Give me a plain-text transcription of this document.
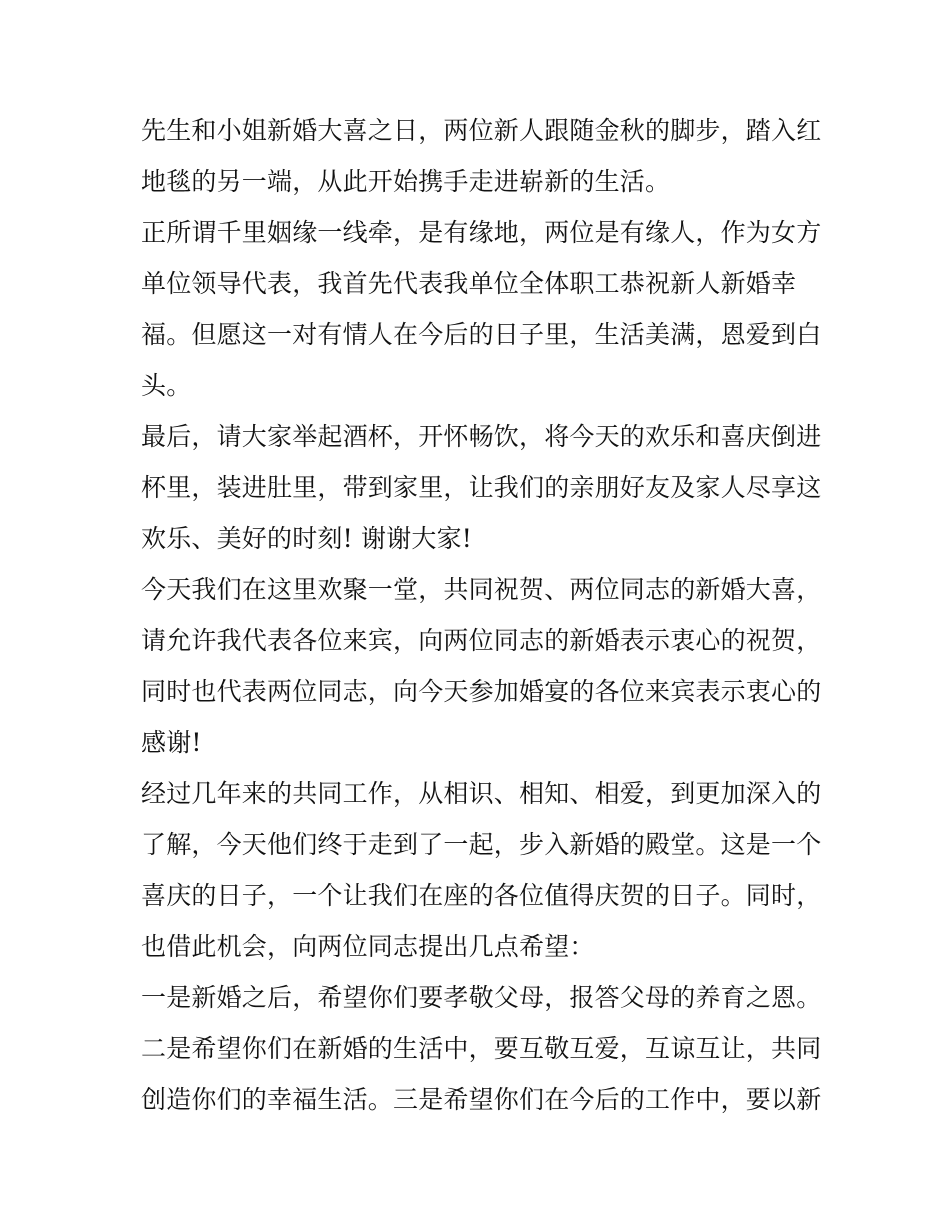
先生和小姐新婚大喜之日，两位新人跟随金秋的脚步，踏入红
地毯的另一端，从此开始携手走进崭新的生活。
正所谓千里姻缘一线牵，是有缘地，两位是有缘人，作为女方
单位领导代表，我首先代表我单位全体职工恭祝新人新婚幸
福。但愿这一对有情人在今后的日子里，生活美满，恩爱到白
头。
最后，请大家举起酒杯，开怀畅饮，将今天的欢乐和喜庆倒进
杯里，装进肚里，带到家里，让我们的亲朋好友及家人尽享这
欢乐、美好的时刻! 谢谢大家!
今天我们在这里欢聚一堂，共同祝贺、两位同志的新婚大喜，
请允许我代表各位来宾，向两位同志的新婚表示衷心的祝贺，
同时也代表两位同志，向今天参加婚宴的各位来宾表示衷心的
感谢!
经过几年来的共同工作，从相识、相知、相爱，到更加深入的
了解，今天他们终于走到了一起，步入新婚的殿堂。这是一个
喜庆的日子，一个让我们在座的各位值得庆贺的日子。同时，
也借此机会，向两位同志提出几点希望：
一是新婚之后，希望你们要孝敬父母，报答父母的养育之恩。
二是希望你们在新婚的生活中，要互敬互爱，互谅互让，共同
创造你们的幸福生活。三是希望你们在今后的工作中，要以新
